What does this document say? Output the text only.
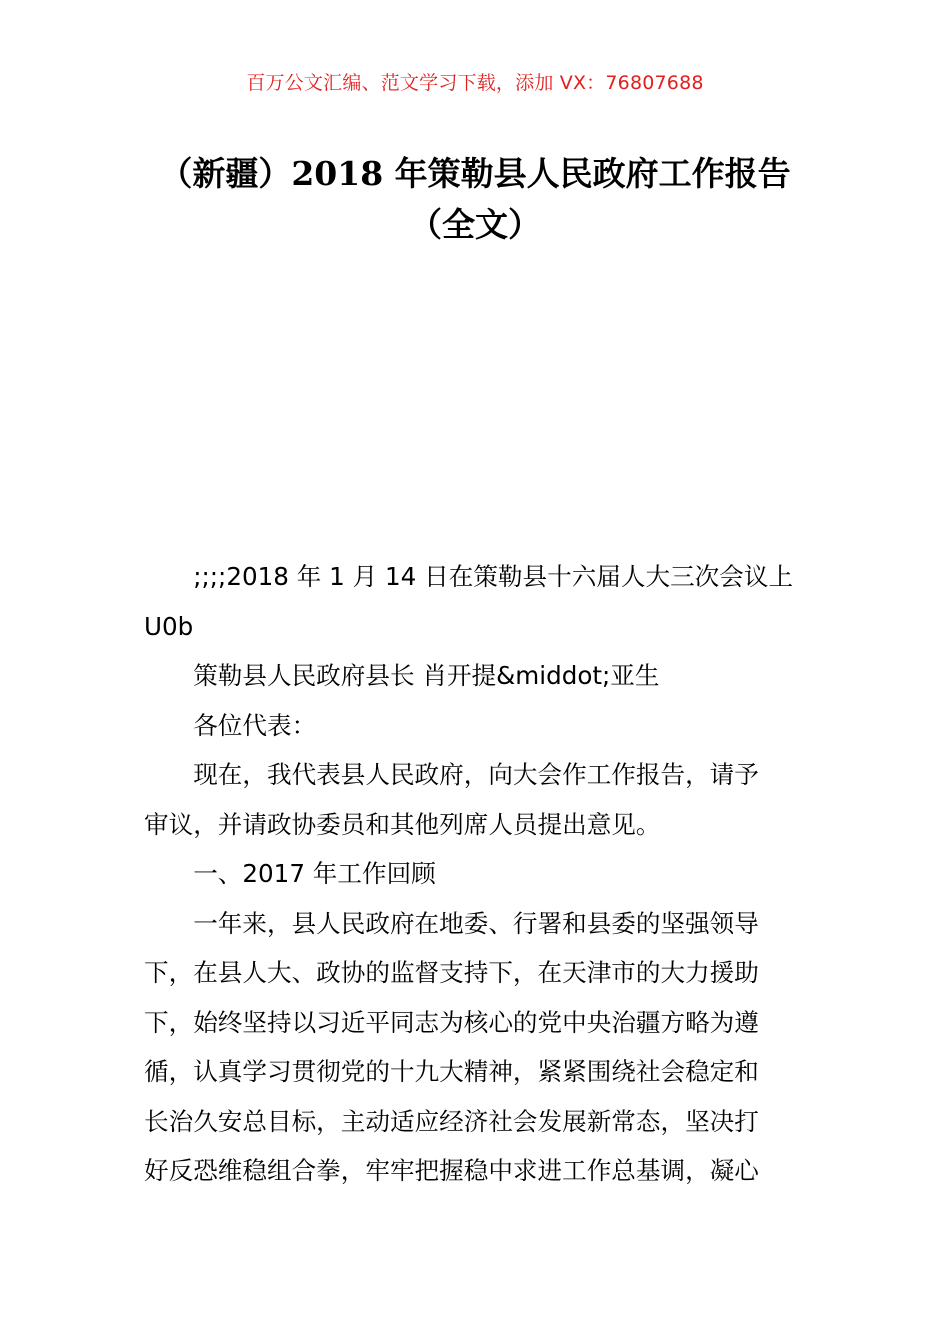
百万公文汇编、范文学习下载，添加 VX：76807688
（新疆）2018 年策勒县人民政府工作报告
（全文）

;;;;2018 年 1 月 14 日在策勒县十六届人大三次会议上
U0b

策勒县人民政府县长 肖开提&middot;亚生

各位代表：

现在，我代表县人民政府，向大会作工作报告，请予
审议，并请政协委员和其他列席人员提出意见。

一、2017 年工作回顾

一年来，县人民政府在地委、行署和县委的坚强领导
下，在县人大、政协的监督支持下，在天津市的大力援助
下，始终坚持以习近平同志为核心的党中央治疆方略为遵
循，认真学习贯彻党的十九大精神，紧紧围绕社会稳定和
长治久安总目标，主动适应经济社会发展新常态，坚决打
好反恐维稳组合拳，牢牢把握稳中求进工作总基调，凝心
